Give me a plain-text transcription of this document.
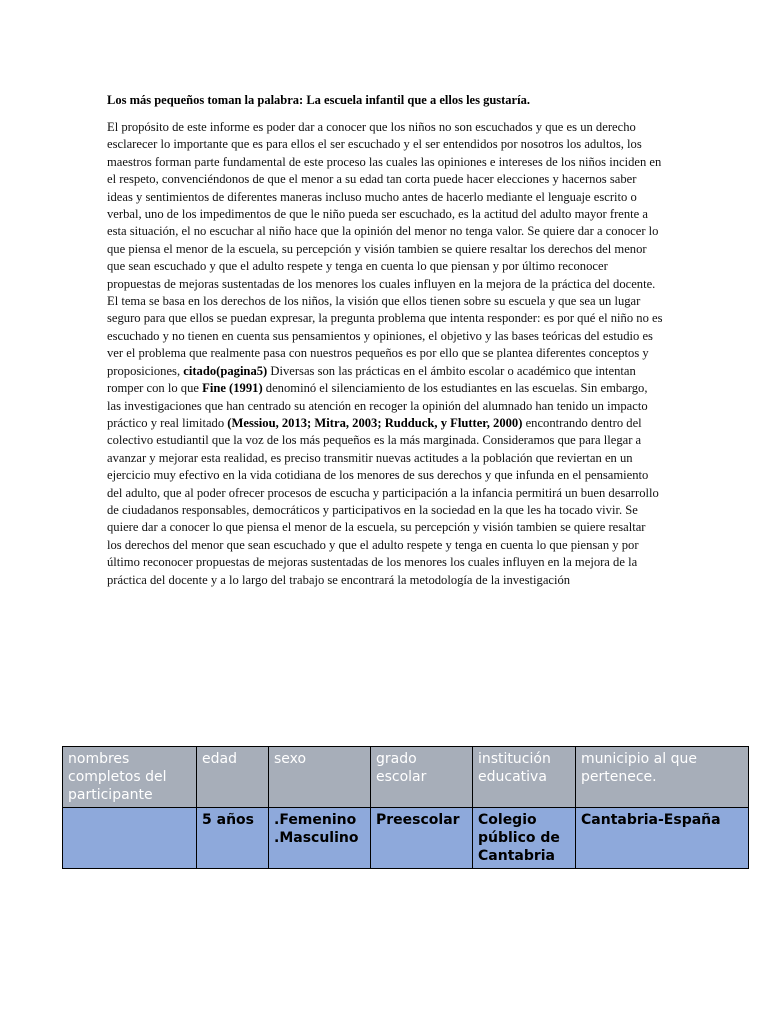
Los más pequeños toman la palabra: La escuela infantil que a ellos les gustaría.
El propósito de este informe es poder dar a conocer que los niños no son escuchados y que es un derecho esclarecer lo importante que es para ellos el ser escuchado y el ser entendidos por nosotros los adultos, los maestros forman parte fundamental de este proceso las cuales las opiniones e intereses de los niños inciden en el respeto, convenciéndonos de que el menor a su edad tan corta puede hacer elecciones y hacernos saber ideas y sentimientos de diferentes maneras incluso mucho antes de hacerlo mediante el lenguaje escrito o verbal, uno de los impedimentos de que le niño pueda ser escuchado, es la actitud del adulto mayor frente a esta situación, el no escuchar al niño hace que la opinión del menor no tenga valor. Se quiere dar a conocer lo que piensa el menor de la escuela, su percepción y visión tambien se quiere resaltar los derechos del menor que sean escuchado y que el adulto respete y tenga en cuenta lo que piensan y por último reconocer propuestas de mejoras sustentadas de los menores los cuales influyen en la mejora de la práctica del docente. El tema se basa en los derechos de los niños, la visión que ellos tienen sobre su escuela y que sea un lugar seguro para que ellos se puedan expresar, la pregunta problema que intenta responder: es por qué el niño no es escuchado y no tienen en cuenta sus pensamientos y opiniones, el objetivo y las bases teóricas del estudio es ver el problema que realmente pasa con nuestros pequeños es por ello que se plantea diferentes conceptos y proposiciones, citado(pagina5) Diversas son las prácticas en el ámbito escolar o académico que intentan romper con lo que Fine (1991) denominó el silenciamiento de los estudiantes en las escuelas. Sin embargo, las investigaciones que han centrado su atención en recoger la opinión del alumnado han tenido un impacto práctico y real limitado (Messiou, 2013; Mitra, 2003; Rudduck, y Flutter, 2000) encontrando dentro del colectivo estudiantil que la voz de los más pequeños es la más marginada. Consideramos que para llegar a avanzar y mejorar esta realidad, es preciso transmitir nuevas actitudes a la población que reviertan en un ejercicio muy efectivo en la vida cotidiana de los menores de sus derechos y que infunda en el pensamiento del adulto, que al poder ofrecer procesos de escucha y participación a la infancia permitirá un buen desarrollo de ciudadanos responsables, democráticos y participativos en la sociedad en la que les ha tocado vivir. Se quiere dar a conocer lo que piensa el menor de la escuela, su percepción y visión tambien se quiere resaltar los derechos del menor que sean escuchado y que el adulto respete y tenga en cuenta lo que piensan y por último reconocer propuestas de mejoras sustentadas de los menores los cuales influyen en la mejora de la práctica del docente y a lo largo del trabajo se encontrará la metodología de la investigación
nombres completos del participante	edad	sexo	grado escolar	institución educativa	municipio al que pertenece.
	5 años	.Femenino .Masculino	Preescolar	Colegio público de Cantabria	Cantabria-España
